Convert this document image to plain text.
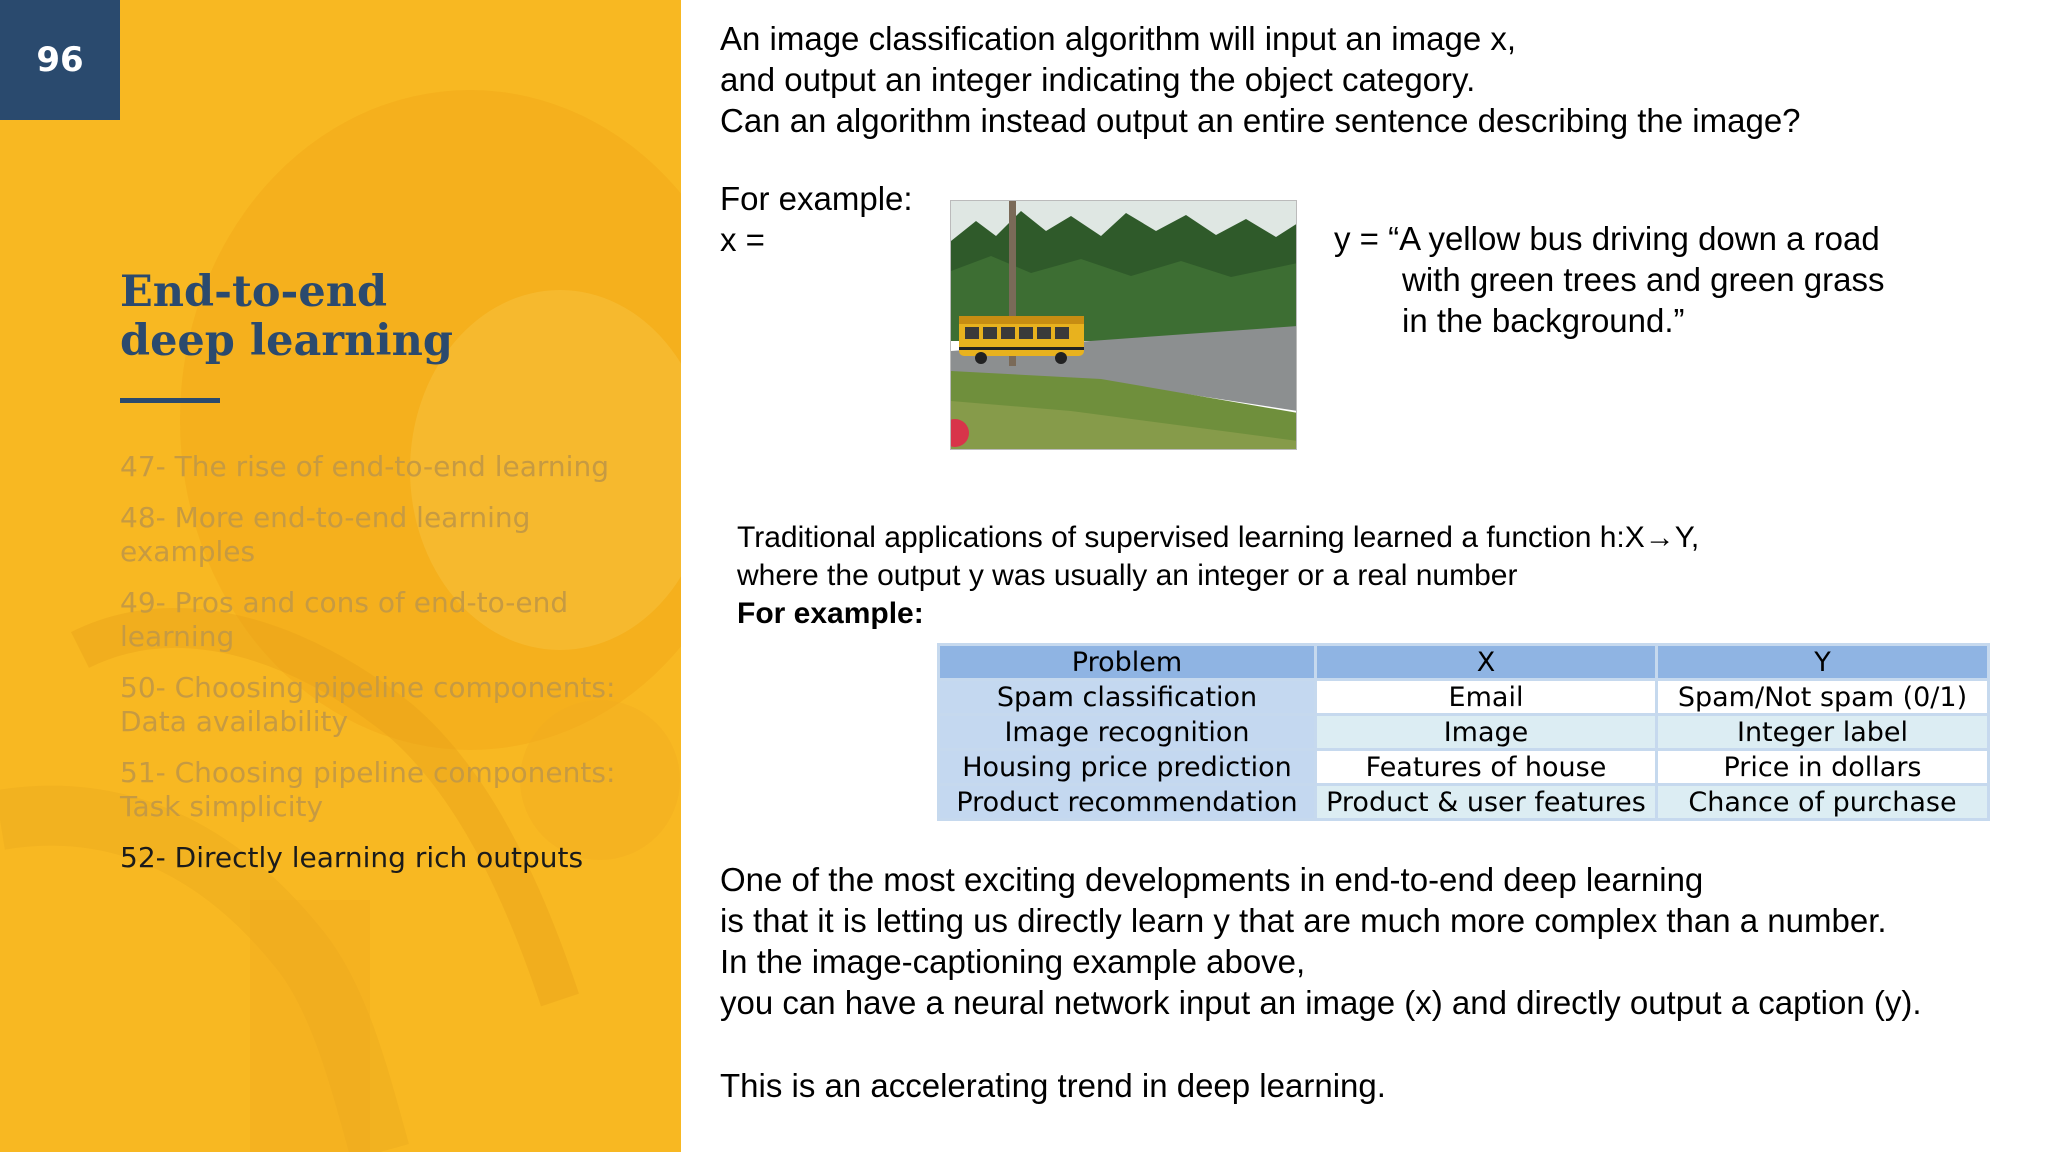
96
End-to-end
deep learning
47- The rise of end-to-end learning
48- More end-to-end learning examples
49- Pros and cons of end-to-end learning
50- Choosing pipeline components: Data availability
51- Choosing pipeline components: Task simplicity
52- Directly learning rich outputs
An image classification algorithm will input an image x,
and output an integer indicating the object category.
Can an algorithm instead output an entire sentence describing the image?
For example:
x =	y = “A yellow bus driving down a road
with green trees and green grass
in the background.”
Traditional applications of supervised learning learned a function h:X→Y,
where the output y was usually an integer or a real number
For example:
Problem	X	Y
Spam classification	Email	Spam/Not spam (0/1)
Image recognition	Image	Integer label
Housing price prediction	Features of house	Price in dollars
Product recommendation	Product & user features	Chance of purchase
One of the most exciting developments in end-to-end deep learning
is that it is letting us directly learn y that are much more complex than a number.
In the image-captioning example above,
you can have a neural network input an image (x) and directly output a caption (y).
This is an accelerating trend in deep learning.
